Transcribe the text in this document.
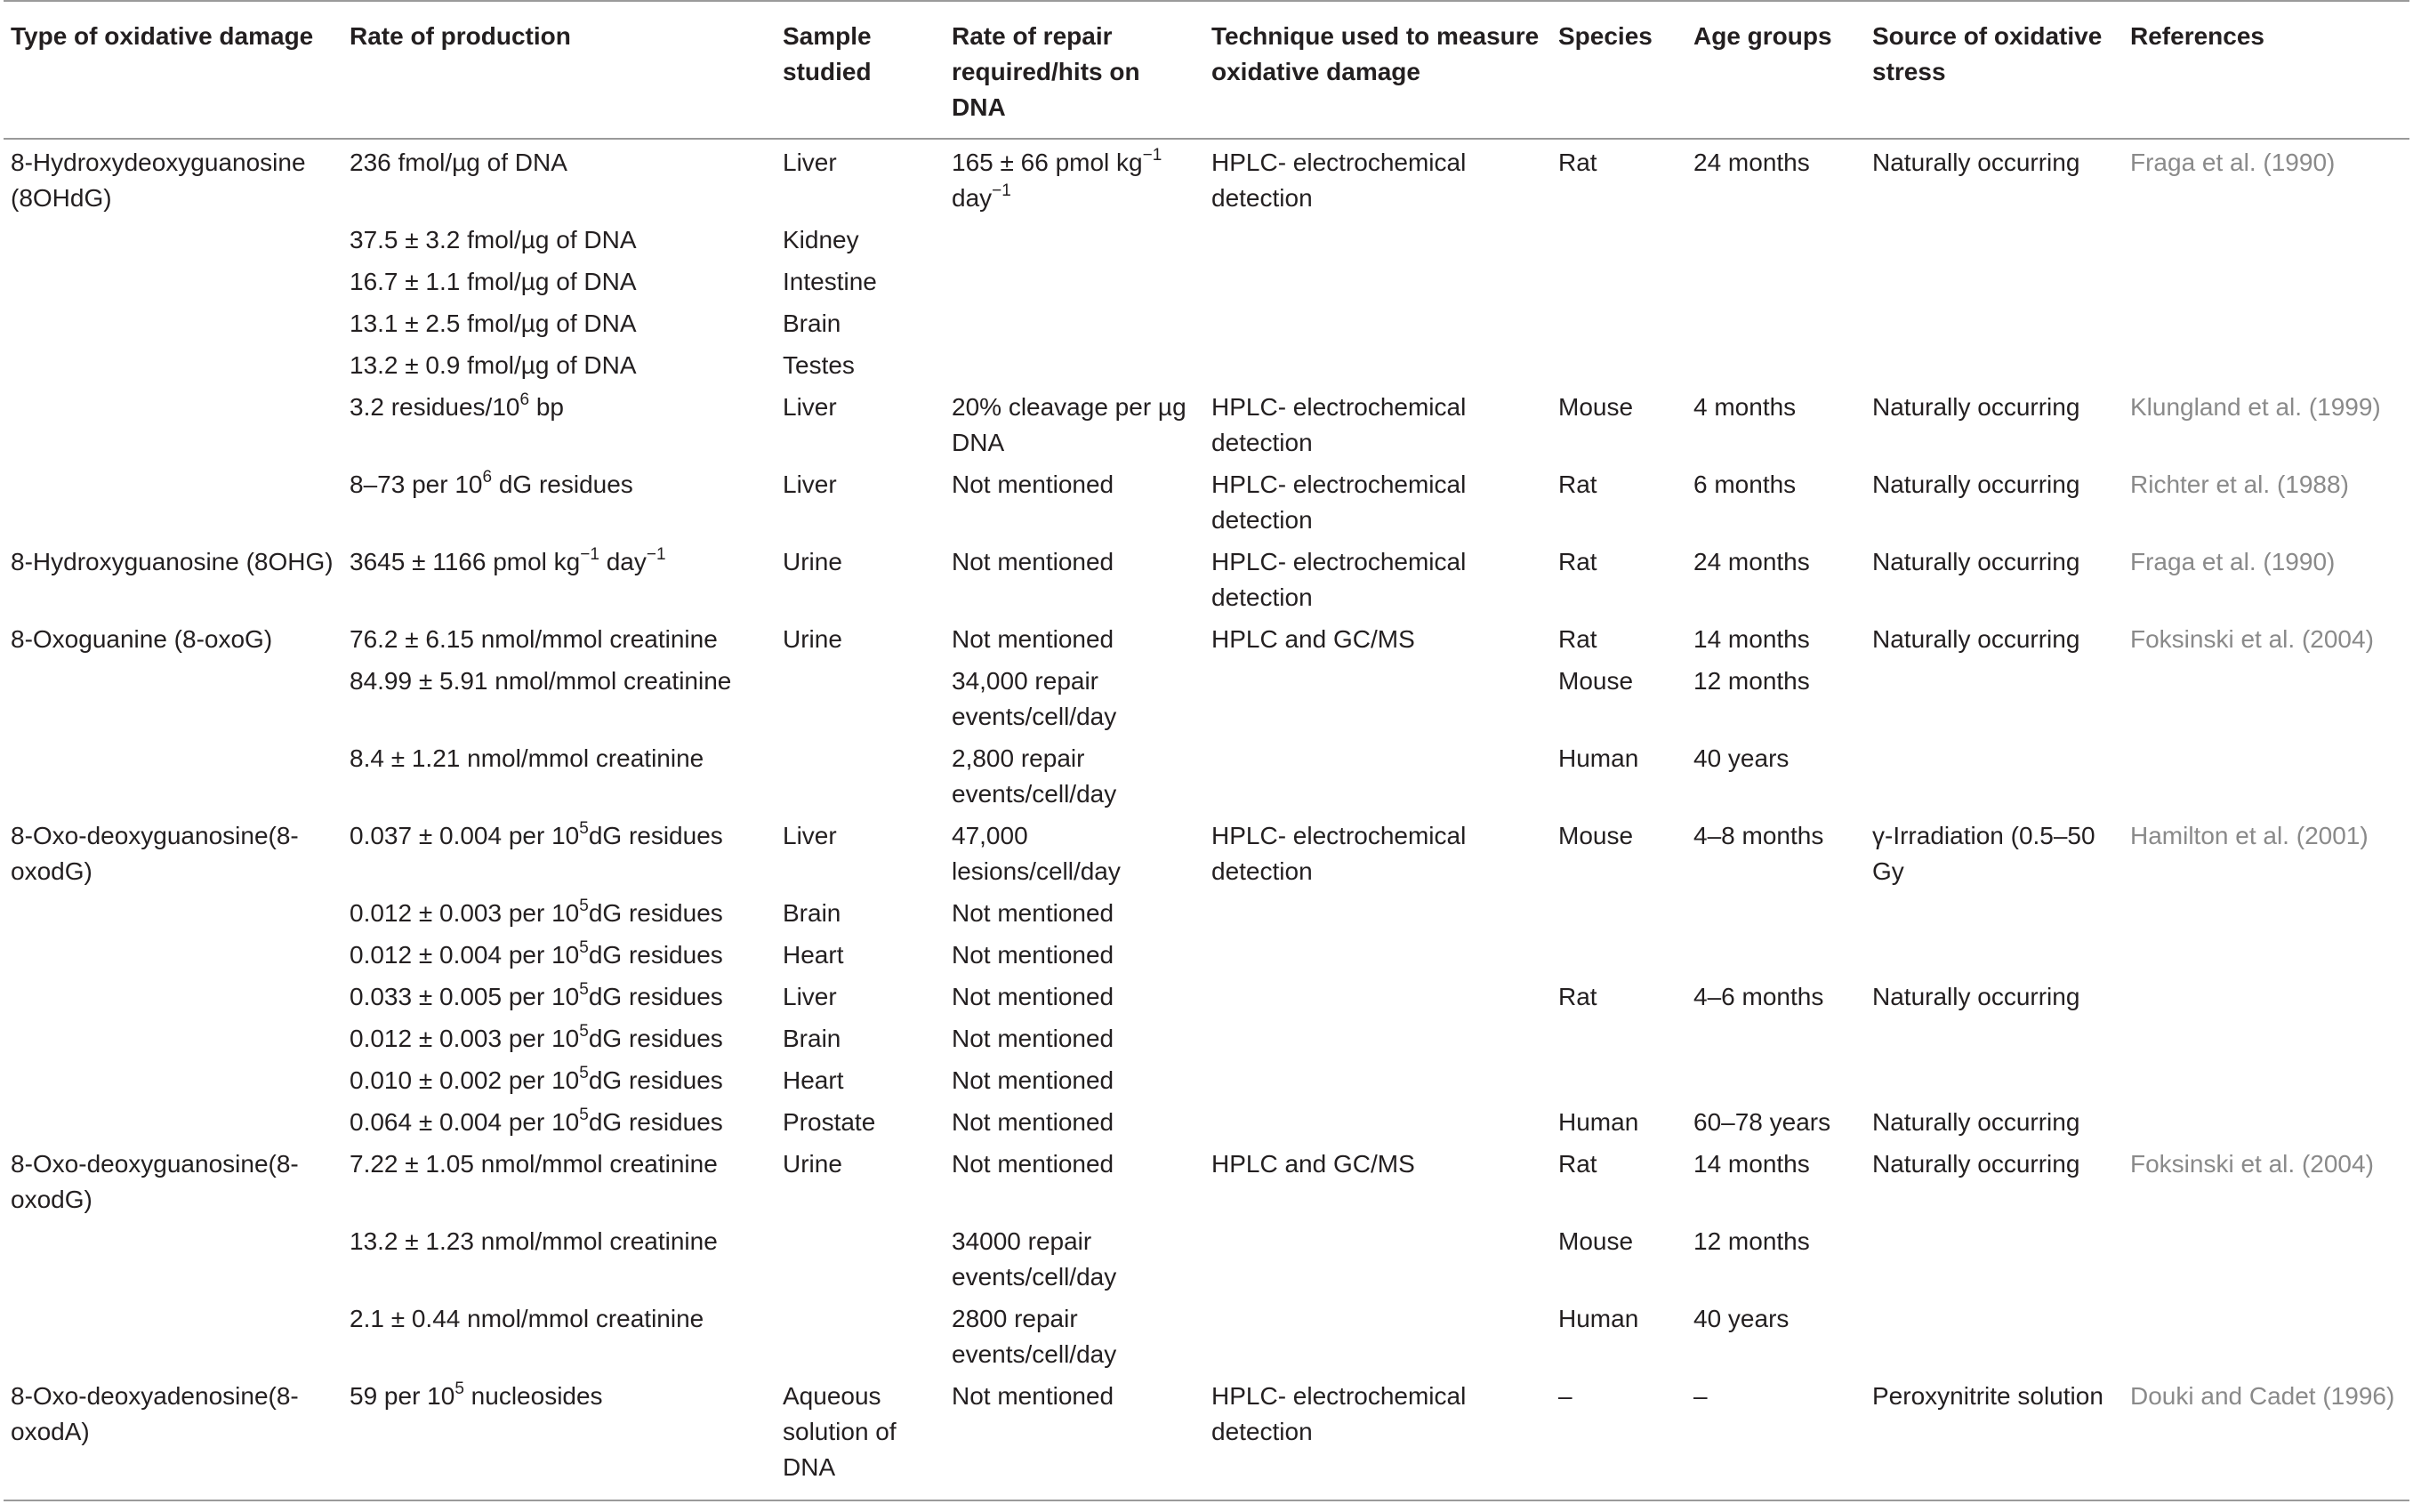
Type of oxidative damage	Rate of production	Sample studied	Rate of repair required/hits on DNA	Technique used to measure oxidative damage	Species	Age groups	Source of oxidative stress	References
8-Hydroxydeoxyguanosine (8OHdG)	236 fmol/µg of DNA	Liver	165 ± 66 pmol $kg^{-1}$ day$^{-1}$	HPLC- electrochemical detection	Rat	24 months	Naturally occurring	Fraga et al. (1990)
	37.5 ± 3.2 fmol/µg of DNA	Kidney						
	16.7 ± 1.1 fmol/µg of DNA	Intestine						
	13.1 ± 2.5 fmol/µg of DNA	Brain						
	13.2 ± 0.9 fmol/µg of DNA	Testes						
	3.2 residues/$10^6$ bp	Liver	20% cleavage per µg DNA	HPLC- electrochemical detection	Mouse	4 months	Naturally occurring	Klungland et al. (1999)
	8–73 per $10^6$ dG residues	Liver	Not mentioned	HPLC- electrochemical detection	Rat	6 months	Naturally occurring	Richter et al. (1988)
8-Hydroxyguanosine (8OHG)	3645 ± 1166 pmol $kg^{-1}$ day$^{-1}$	Urine	Not mentioned	HPLC- electrochemical detection	Rat	24 months	Naturally occurring	Fraga et al. (1990)
8-Oxoguanine (8-oxoG)	76.2 ± 6.15 nmol/mmol creatinine	Urine	Not mentioned	HPLC and GC/MS	Rat	14 months	Naturally occurring	Foksinski et al. (2004)
	84.99 ± 5.91 nmol/mmol creatinine		34,000 repair events/cell/day		Mouse	12 months		
	8.4 ± 1.21 nmol/mmol creatinine		2,800 repair events/cell/day		Human	40 years		
8-Oxo-deoxyguanosine(8-oxodG)	0.037 ± 0.004 per $10^5dG$ residues	Liver	47,000 lesions/cell/day	HPLC- electrochemical detection	Mouse	4–8 months	γ-Irradiation (0.5–50 Gy	Hamilton et al. (2001)
	0.012 ± 0.003 per $10^5dG$ residues	Brain	Not mentioned					
	0.012 ± 0.004 per $10^5dG$ residues	Heart	Not mentioned					
	0.033 ± 0.005 per $10^5dG$ residues	Liver	Not mentioned		Rat	4–6 months	Naturally occurring	
	0.012 ± 0.003 per $10^5dG$ residues	Brain	Not mentioned					
	0.010 ± 0.002 per $10^5dG$ residues	Heart	Not mentioned					
	0.064 ± 0.004 per $10^5dG$ residues	Prostate	Not mentioned		Human	60–78 years	Naturally occurring	
8-Oxo-deoxyguanosine(8-oxodG)	7.22 ± 1.05 nmol/mmol creatinine	Urine	Not mentioned	HPLC and GC/MS	Rat	14 months	Naturally occurring	Foksinski et al. (2004)
	13.2 ± 1.23 nmol/mmol creatinine		34000 repair events/cell/day		Mouse	12 months		
	2.1 ± 0.44 nmol/mmol creatinine		2800 repair events/cell/day		Human	40 years		
8-Oxo-deoxyadenosine(8-oxodA)	59 per $10^5$ nucleosides	Aqueous solution of DNA	Not mentioned	HPLC- electrochemical detection	–	–	Peroxynitrite solution	Douki and Cadet (1996)
